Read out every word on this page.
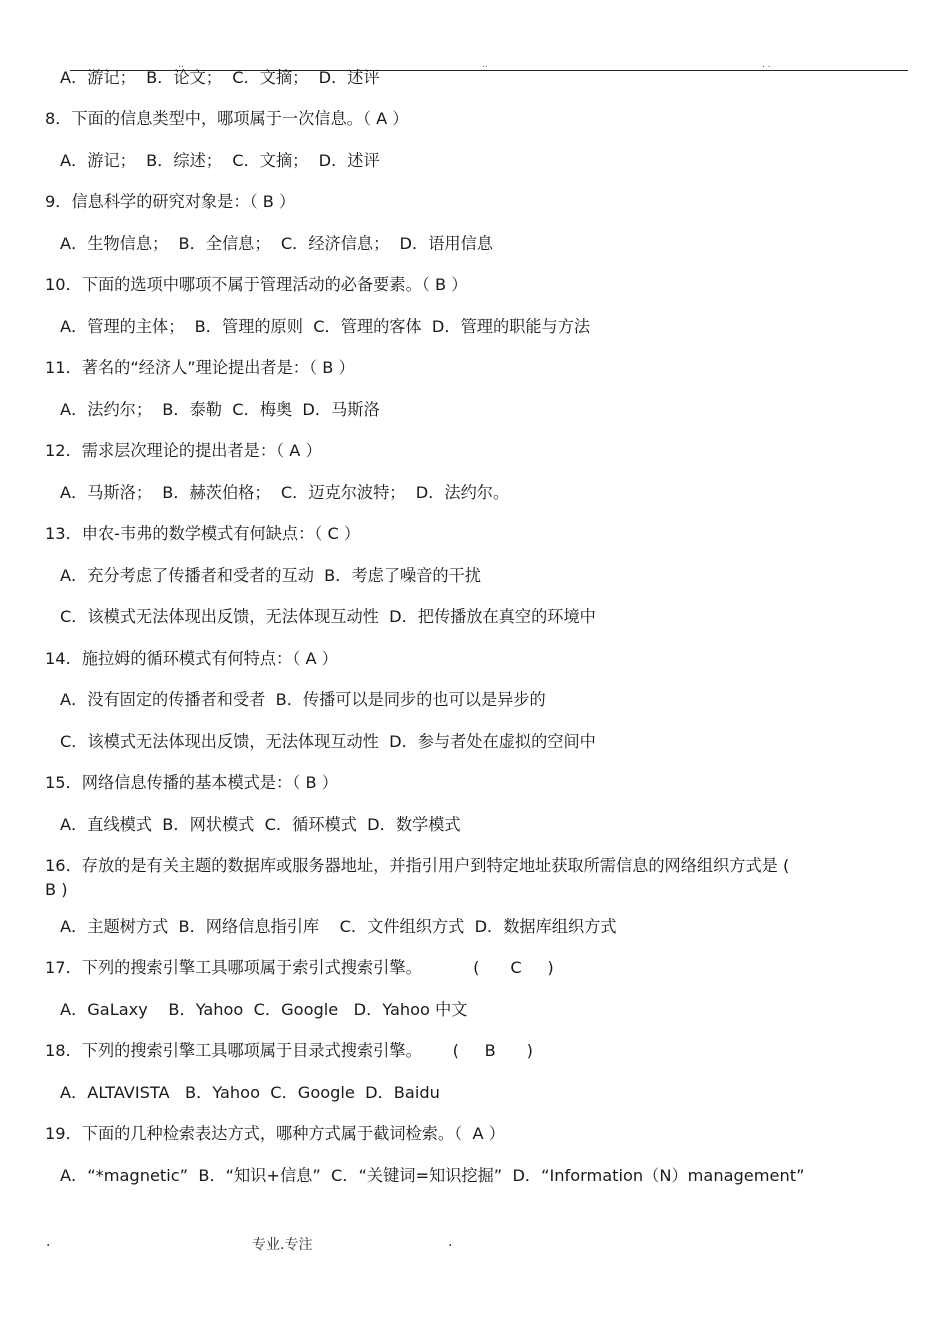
..	..	. .
A．游记；  B．论文；  C．文摘；  D．述评
8．下面的信息类型中，哪项属于一次信息。（ A ）
A．游记；  B．综述；  C．文摘；  D．述评
9．信息科学的研究对象是：（ B ）
A．生物信息；  B．全信息；  C．经济信息；  D．语用信息
10．下面的选项中哪项不属于管理活动的必备要素。（ B ）
A．管理的主体；  B．管理的原则  C．管理的客体  D．管理的职能与方法
11．著名的“经济人”理论提出者是：（ B ）
A．法约尔；  B．泰勒  C．梅奥  D．马斯洛
12．需求层次理论的提出者是：（ A ）
A．马斯洛；  B．赫茨伯格；  C．迈克尔波特；  D．法约尔。
13．申农-韦弗的数学模式有何缺点：（ C ）
A．充分考虑了传播者和受者的互动  B．考虑了噪音的干扰
C．该模式无法体现出反馈，无法体现互动性  D．把传播放在真空的环境中
14．施拉姆的循环模式有何特点：（ A ）
A．没有固定的传播者和受者  B．传播可以是同步的也可以是异步的
C．该模式无法体现出反馈，无法体现互动性  D．参与者处在虚拟的空间中
15．网络信息传播的基本模式是：（ B ）
A．直线模式  B．网状模式  C．循环模式  D．数学模式
16．存放的是有关主题的数据库或服务器地址，并指引用户到特定地址获取所需信息的网络组织方式是 ( B )
A．主题树方式  B．网络信息指引库    C．文件组织方式  D．数据库组织方式
17．下列的搜索引擎工具哪项属于索引式搜索引擎。          (      C     )
A．GaLaxy    B．Yahoo  C．Google   D．Yahoo 中文
18．下列的搜索引擎工具哪项属于目录式搜索引擎。      (     B      )
A．ALTAVISTA   B．Yahoo  C．Google  D．Baidu
19．下面的几种检索表达方式，哪种方式属于截词检索。（  A ）
A．“*magnetic”  B．“知识+信息”  C．“关键词=知识挖掘”  D．“Information（N）management”
.	专业.专注	.
